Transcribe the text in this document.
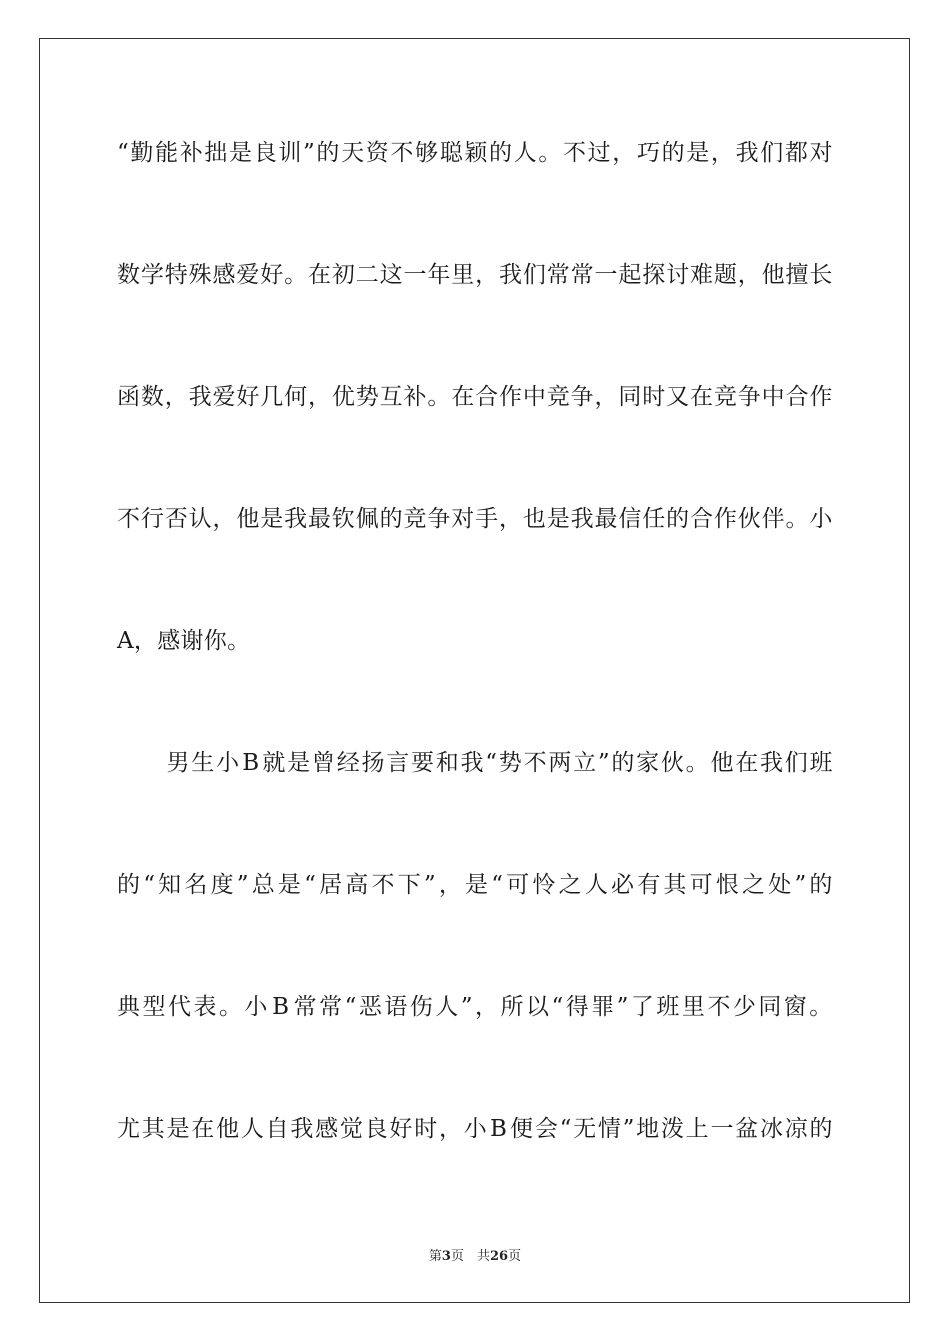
“ 勤 能 补 拙 是 良 训 ” 的 天 资 不 够 聪 颖 的 人 。 不 过 ， 巧 的 是 ， 我 们 都 对
数 学 特 殊 感 爱 好 。 在 初 二 这 一 年 里 ， 我 们 常 常 一 起 探 讨 难 题 ， 他 擅 长
函 数 ， 我 爱 好 几 何 ， 优 势 互 补 。 在 合 作 中 竞 争 ， 同 时 又 在 竞 争 中 合 作
不 行 否 认 ， 他 是 我 最 钦 佩 的 竞 争 对 手 ， 也 是 我 最 信 任 的 合 作 伙 伴 。 小
A，感谢你。

男 生 小 B 就 是 曾 经 扬 言 要 和 我 “ 势 不 两 立 ” 的 家 伙 。 他 在 我 们 班
的 “ 知 名 度 ” 总 是 “ 居 高 不 下 ” ， 是 “ 可 怜 之 人 必 有 其 可 恨 之 处 ” 的
典 型 代 表 。 小 B 常 常 “ 恶 语 伤 人 ” ， 所 以 “ 得 罪 ” 了 班 里 不 少 同 窗 。
尤 其 是 在 他 人 自 我 感 觉 良 好 时 ， 小 B 便 会 “ 无 情 ” 地 泼 上 一 盆 冰 凉 的
第3页　 共26页
